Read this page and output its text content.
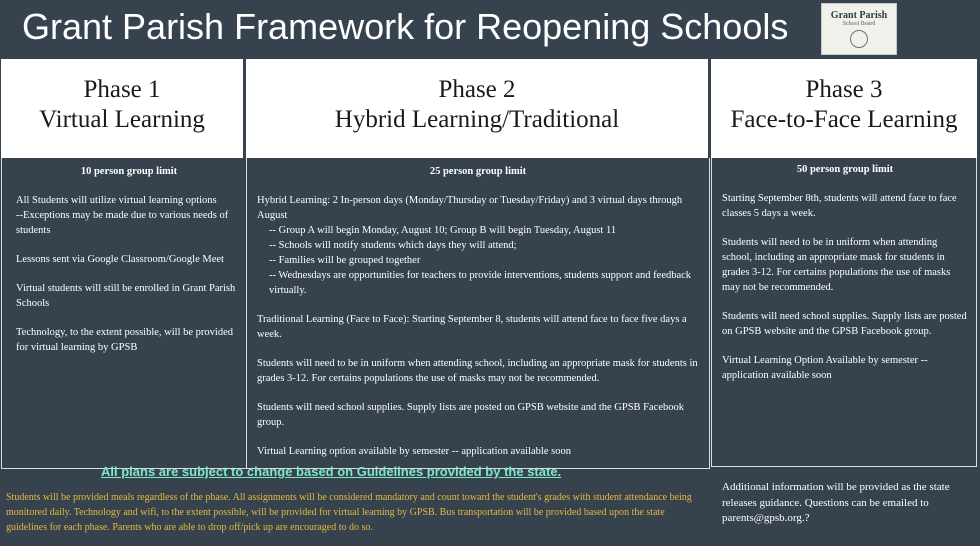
Grant Parish Framework for Reopening Schools	Grant Parish
School Board
Phase 1
Virtual Learning
10 person group limit
All Students will utilize virtual learning options
--Exceptions may be made due to various needs of students
Lessons sent via Google Classroom/Google Meet
Virtual students will still be enrolled in Grant Parish Schools
Technology, to the extent possible, will be provided for virtual learning by GPSB
Phase 2
Hybrid Learning/Traditional
25 person group limit
Hybrid Learning: 2 In-person days (Monday/Thursday or Tuesday/Friday) and 3 virtual days through August
-- Group A will begin Monday, August 10; Group B will begin Tuesday, August 11
-- Schools will notify students which days they will attend;
-- Families will be grouped together
-- Wednesdays are opportunities for teachers to provide interventions, students support and feedback virtually.
Traditional Learning (Face to Face): Starting September 8, students will attend face to face five days a week.
Students will need to be in uniform when attending school, including an appropriate mask for students in grades 3-12. For certains populations the use of masks may not be recommended.
Students will need school supplies. Supply lists are posted on GPSB website and the GPSB Facebook group.
Virtual Learning option available by semester -- application available soon
Phase 3
Face-to-Face Learning
50 person group limit
Starting September 8th, students will attend face to face classes 5 days a week.
Students will need to be in uniform when attending school, including an appropriate mask for students in grades 3-12. For certains populations the use of masks may not be recommended.
Students will need school supplies. Supply lists are posted on GPSB website and the GPSB Facebook group.
Virtual Learning Option Available by semester -- application available soon
All plans are subject to change based on Guidelines provided by the state.
Students will be provided meals regardless of the phase. All assignments will be considered mandatory and count toward the student's grades with student attendance being monitored daily. Technology and wifi, to the extent possible, will be provided for virtual learning by GPSB. Bus transportation will be provided based upon the state guidelines for each phase. Parents who are able to drop off/pick up are encouraged to do so.
Additional information will be provided as the state releases guidance. Questions can be emailed to parents@gpsb.org.?
